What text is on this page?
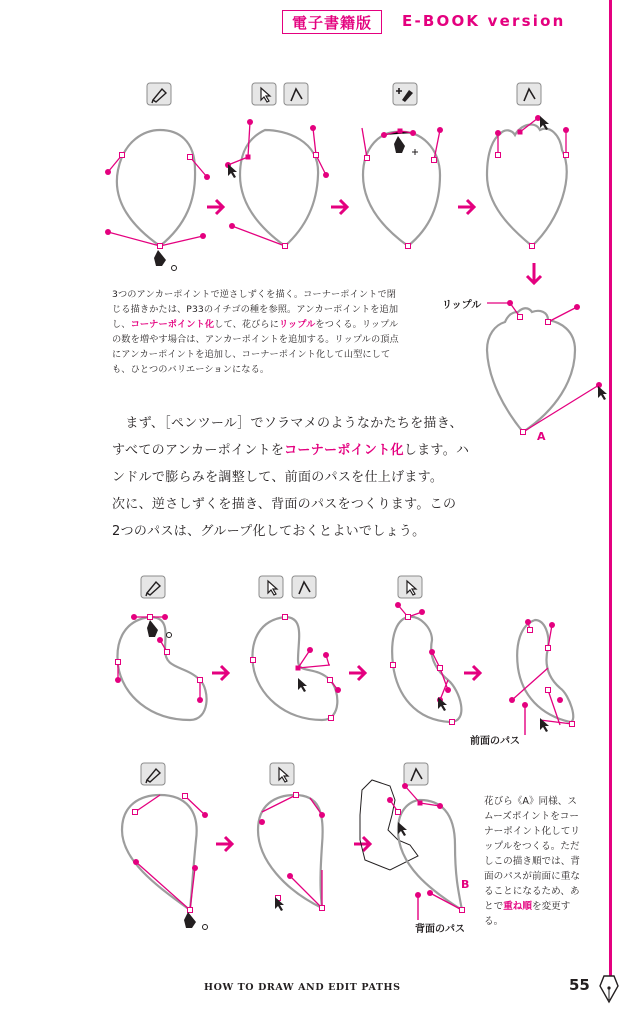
電子書籍版	E-BOOK version
3つのアンカーポイントで逆さしずくを描く。コーナーポイントで閉じる描きかたは、P33のイチゴの種を参照。アンカーポイントを追加し、コーナーポイント化して、花びらにリップルをつくる。リップルの数を増やす場合は、アンカーポイントを追加する。リップルの頂点にアンカーポイントを追加し、コーナーポイント化して山型にしても、ひとつのバリエーションになる。
リップル
A

　まず、［ペンツール］でソラマメのようなかたちを描き、

すべてのアンカーポイントをコーナーポイント化します。ハ

ンドルで膨らみを調整して、前面のパスを仕上げます。

次に、逆さしずくを描き、背面のパスをつくります。この

2つのパスは、グループ化しておくとよいでしょう。

前面のパス
花びら《A》同様、スムーズポイントをコーナーポイント化してリップルをつくる。ただしこの描き順では、背面のパスが前面に重なることになるため、あとで重ね順を変更する。
B
背面のパス
HOW TO DRAW AND EDIT PATHS	55
